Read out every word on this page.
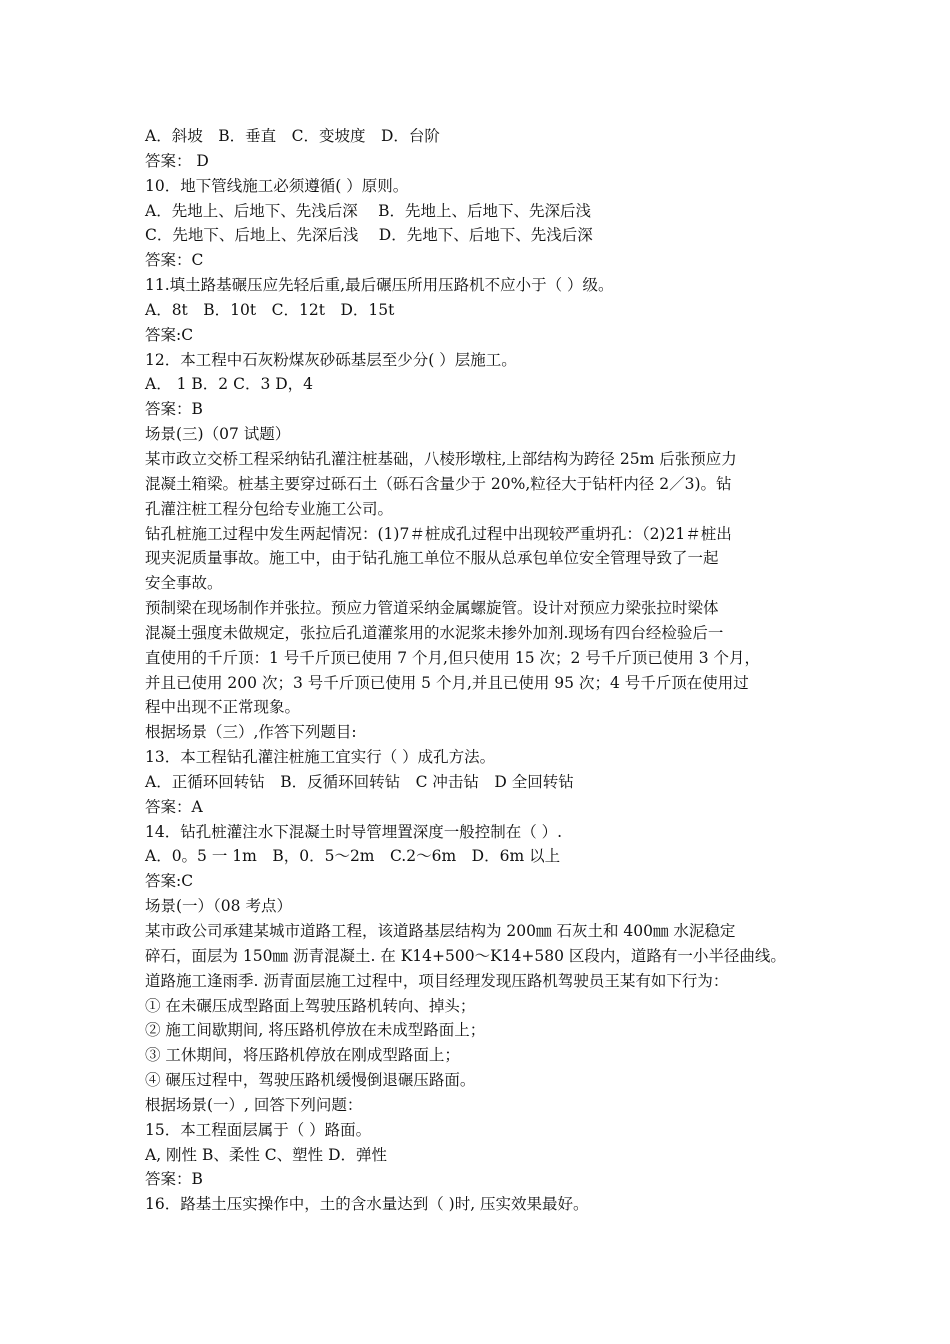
A．斜坡　B．垂直　C．变坡度　D．台阶
答案： D
10．地下管线施工必须遵循( ）原则。
A．先地上、后地下、先浅后深　 B．先地上、后地下、先深后浅
C．先地下、后地上、先深后浅　 D．先地下、后地下、先浅后深
答案：C
11.填土路基碾压应先轻后重,最后碾压所用压路机不应小于（ ）级。
A．8t　B．10t　C．12t　D．15t
答案:C
12．本工程中石灰粉煤灰砂砾基层至少分( ）层施工。
A． 1 B．2 C．3 D，4
答案：B
场景(三)（07 试题）
某市政立交桥工程采纳钻孔灌注桩基础，八棱形墩柱,上部结构为跨径 25m 后张预应力
混凝土箱梁。桩基主要穿过砾石土（砾石含量少于 20%,粒径大于钻杆内径 2／3)。钻
孔灌注桩工程分包给专业施工公司。
钻孔桩施工过程中发生两起情况：(1)7＃桩成孔过程中出现较严重坍孔：（2)21＃桩出
现夹泥质量事故。施工中，由于钻孔施工单位不服从总承包单位安全管理导致了一起
安全事故。
预制梁在现场制作并张拉。预应力管道采纳金属螺旋管。设计对预应力梁张拉时梁体
混凝土强度未做规定，张拉后孔道灌浆用的水泥浆未掺外加剂.现场有四台经检验后一
直使用的千斤顶：1 号千斤顶已使用 7 个月,但只使用 15 次；2 号千斤顶已使用 3 个月，
并且已使用 200 次；3 号千斤顶已使用 5 个月,并且已使用 95 次；4 号千斤顶在使用过
程中出现不正常现象。
根据场景（三）,作答下列题目:
13．本工程钻孔灌注桩施工宜实行（ ）成孔方法。
A．正循环回转钻　B．反循环回转钻　C 冲击钻　D 全回转钻
答案：A
14．钻孔桩灌注水下混凝土时导管埋置深度一般控制在（ ）.
A．0。5 一 1m　B，0．5～2m　C.2～6m　D．6m 以上
答案:C
场景(一）（08 考点）
某市政公司承建某城市道路工程，该道路基层结构为 200㎜ 石灰土和 400㎜ 水泥稳定
碎石，面层为 150㎜ 沥青混凝土. 在 K14+500～K14+580 区段内，道路有一小半径曲线。
道路施工逢雨季. 沥青面层施工过程中，项目经理发现压路机驾驶员王某有如下行为：
① 在未碾压成型路面上驾驶压路机转向、掉头；
② 施工间歇期间, 将压路机停放在未成型路面上；
③ 工休期间，将压路机停放在刚成型路面上；
④ 碾压过程中，驾驶压路机缓慢倒退碾压路面。
根据场景(一）, 回答下列问题：
15．本工程面层属于（ ）路面。
A, 刚性 B、柔性 C、塑性 D．弹性
答案：B
16．路基土压实操作中，土的含水量达到（ )时, 压实效果最好。
